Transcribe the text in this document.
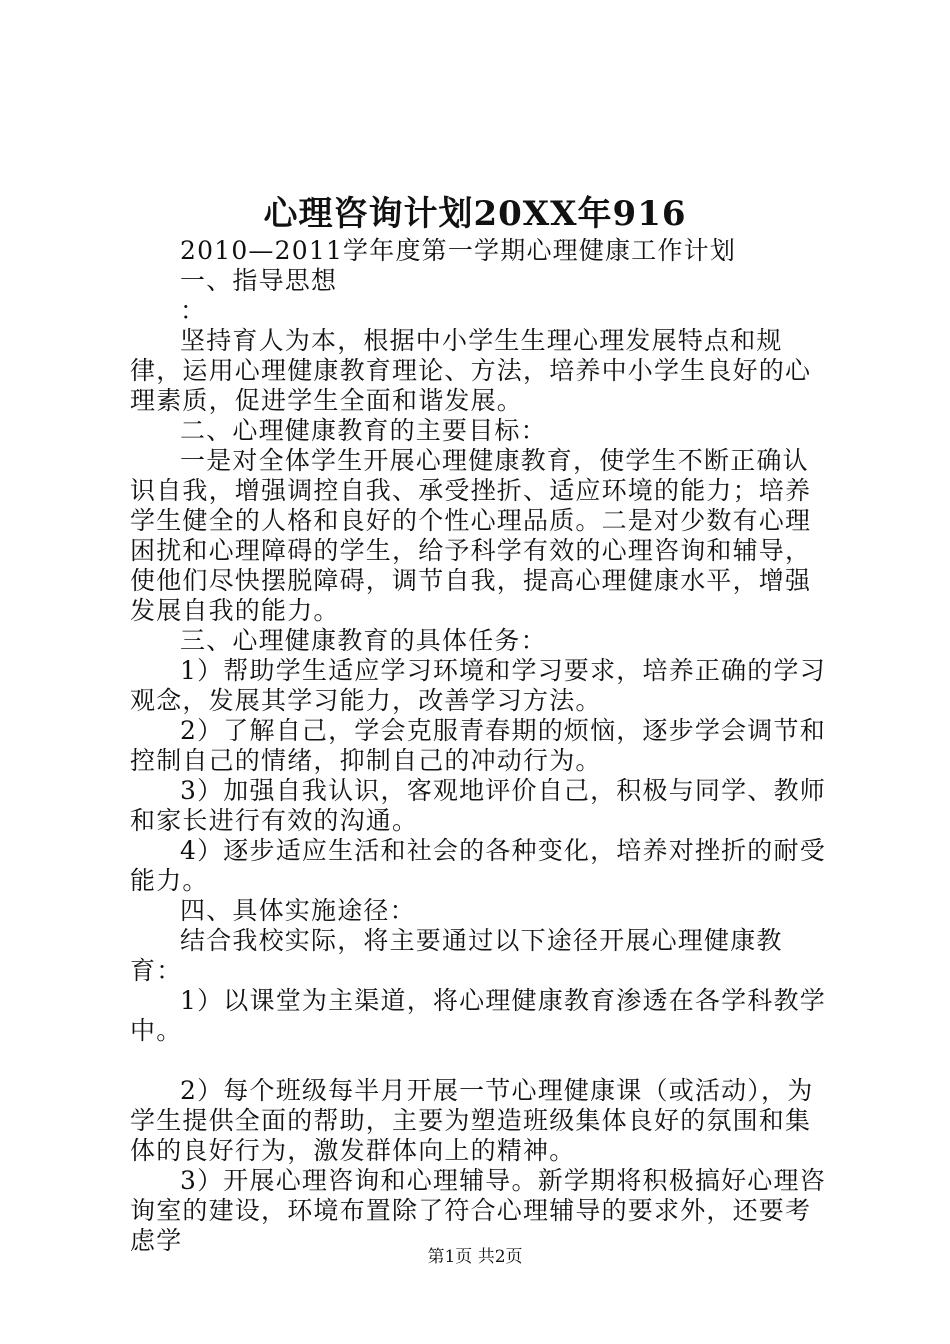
心理咨询计划20XX年916

2010—2011学年度第一学期心理健康工作计划

一、指导思想

：

坚持育人为本，根据中小学生生理心理发展特点和规律，运用心理健康教育理论、方法，培养中小学生良好的心理素质，促进学生全面和谐发展。

二、心理健康教育的主要目标：

一是对全体学生开展心理健康教育，使学生不断正确认识自我，增强调控自我、承受挫折、适应环境的能力；培养学生健全的人格和良好的个性心理品质。二是对少数有心理困扰和心理障碍的学生，给予科学有效的心理咨询和辅导，使他们尽快摆脱障碍，调节自我，提高心理健康水平，增强发展自我的能力。

三、心理健康教育的具体任务：

1）帮助学生适应学习环境和学习要求，培养正确的学习观念，发展其学习能力，改善学习方法。

2）了解自己，学会克服青春期的烦恼，逐步学会调节和控制自己的情绪，抑制自己的冲动行为。

3）加强自我认识，客观地评价自己，积极与同学、教师和家长进行有效的沟通。

4）逐步适应生活和社会的各种变化，培养对挫折的耐受能力。

四、具体实施途径：

结合我校实际，将主要通过以下途径开展心理健康教育：

1）以课堂为主渠道，将心理健康教育渗透在各学科教学中。

2）每个班级每半月开展一节心理健康课（或活动），为学生提供全面的帮助，主要为塑造班级集体良好的氛围和集体的良好行为，激发群体向上的精神。

3）开展心理咨询和心理辅导。新学期将积极搞好心理咨询室的建设，环境布置除了符合心理辅导的要求外，还要考虑学

第1页 共2页
